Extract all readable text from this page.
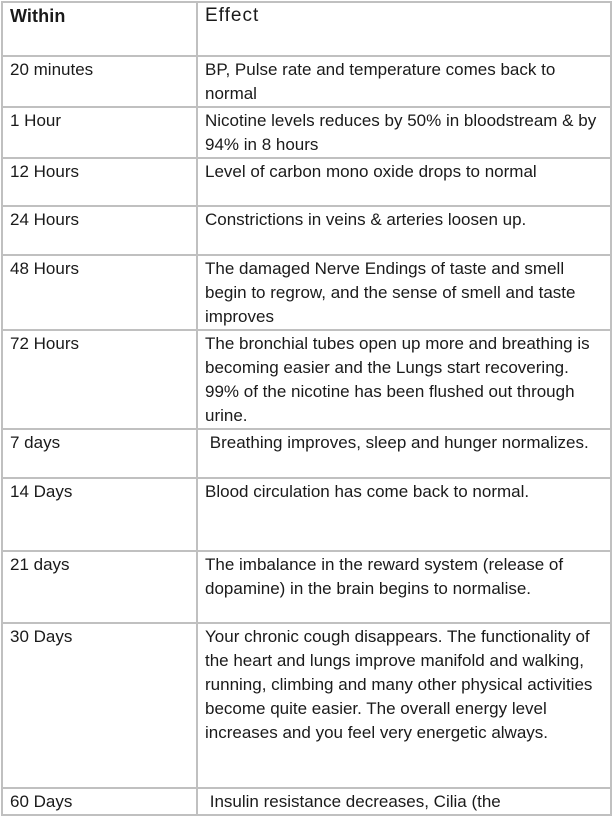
Within	Effect
20 minutes	BP, Pulse rate and temperature comes back to normal
1 Hour	Nicotine levels reduces by 50% in bloodstream & by 94% in 8 hours
12 Hours	Level of carbon mono oxide drops to normal
24 Hours	Constrictions in veins & arteries loosen up.
48 Hours	The damaged Nerve Endings of taste and smell begin to regrow, and the sense of smell and taste improves
72 Hours	The bronchial tubes open up more and breathing is becoming easier and the Lungs start recovering. 99% of the nicotine has been flushed out through urine.
7 days	Breathing improves, sleep and hunger normalizes.
14 Days	Blood circulation has come back to normal.
21 days	The imbalance in the reward system (release of dopamine) in the brain begins to normalise.
30 Days	Your chronic cough disappears. The functionality of the heart and lungs improve manifold and walking, running, climbing and many other physical activities become quite easier. The overall energy level increases and you feel very energetic always.
60 Days	Insulin resistance decreases, Cilia (the
